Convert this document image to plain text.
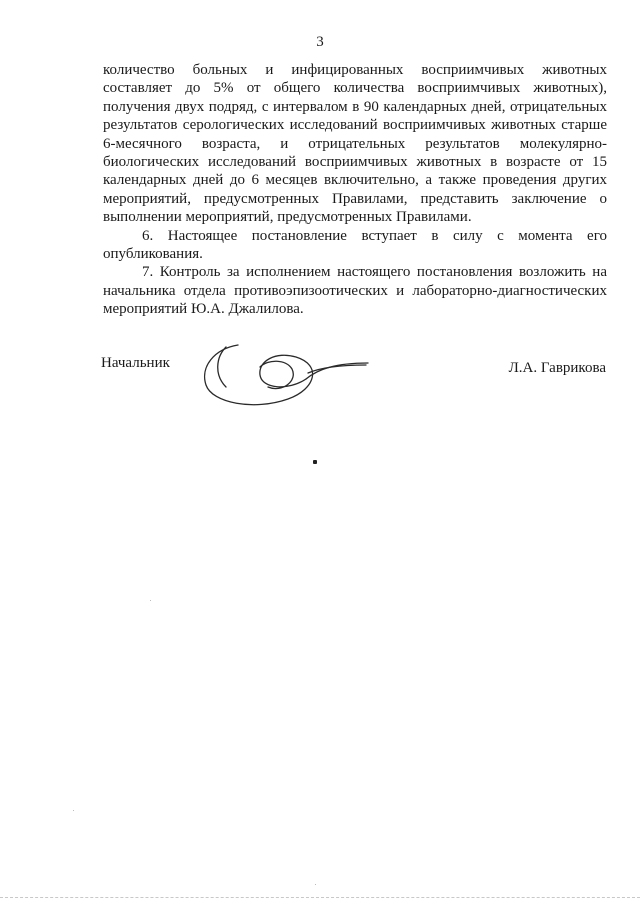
3

количество больных и инфицированных восприимчивых животных составляет до 5% от общего количества восприимчивых животных), получения двух подряд, с интервалом в 90 календарных дней, отрицательных результатов серологических исследований восприимчивых животных старше 6-месячного возраста, и отрицательных результатов молекулярно-биологических исследований восприимчивых животных в возрасте от 15 календарных дней до 6 месяцев включительно, а также проведения других мероприятий, предусмотренных Правилами, представить заключение о выполнении мероприятий, предусмотренных Правилами.

6. Настоящее постановление вступает в силу с момента его опубликования.

7. Контроль за исполнением настоящего постановления возложить на начальника отдела противоэпизоотических и лабораторно-диагностических мероприятий Ю.А. Джалилова.

Начальник	Л.А. Гаврикова
